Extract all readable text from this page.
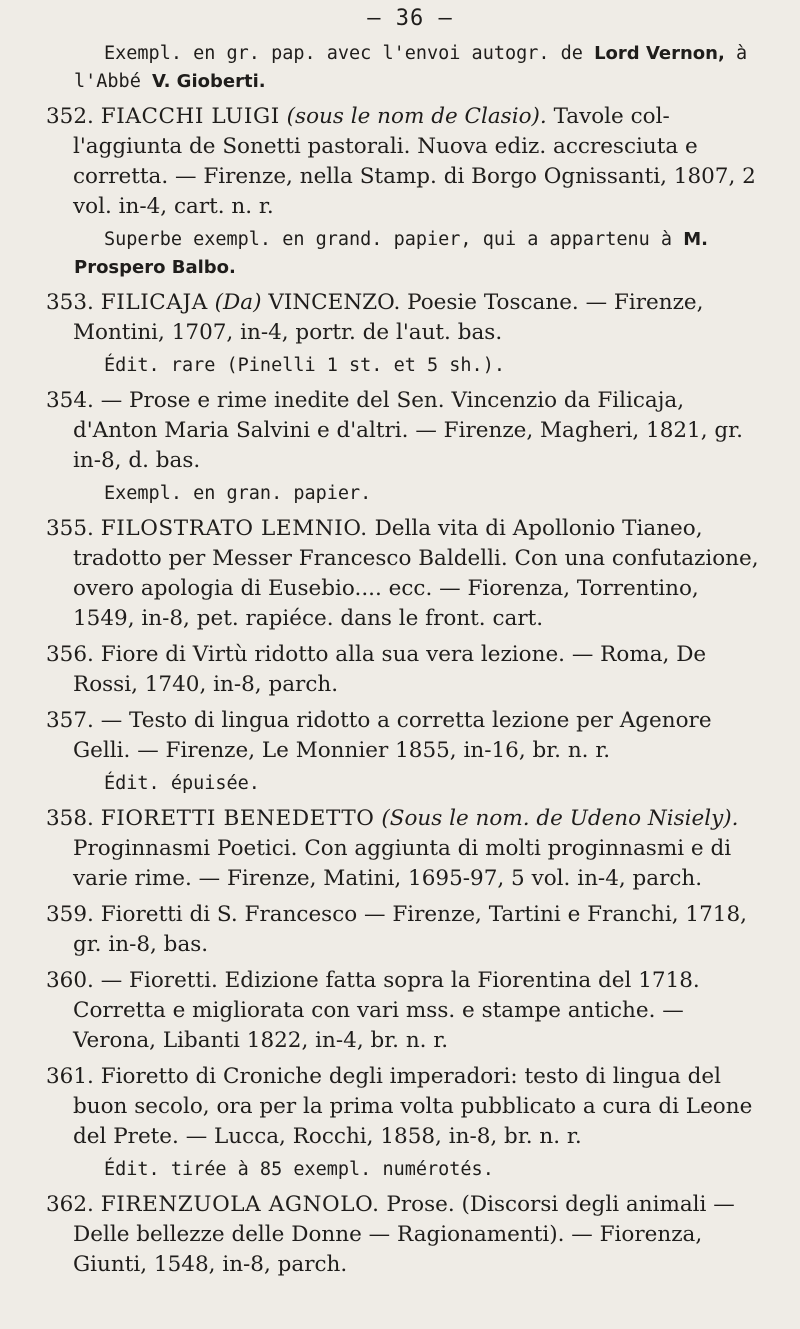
— 36 —
Exempl. en gr. pap. avec l'envoi autogr. de Lord Vernon, à l'Abbé V. Gioberti.
352. FIACCHI LUIGI (sous le nom de Clasio). Tavole col-l'aggiunta de Sonetti pastorali. Nuova ediz. accresciuta e corretta. — Firenze, nella Stamp. di Borgo Ognissanti, 1807, 2 vol. in-4, cart. n. r.
Superbe exempl. en grand. papier, qui a appartenu à M. Prospero Balbo.
353. FILICAJA (Da) VINCENZO. Poesie Toscane. — Firenze, Montini, 1707, in-4, portr. de l'aut. bas.
Édit. rare (Pinelli 1 st. et 5 sh.).
354. — Prose e rime inedite del Sen. Vincenzio da Filicaja, d'Anton Maria Salvini e d'altri. — Firenze, Magheri, 1821, gr. in-8, d. bas.
Exempl. en gran. papier.
355. FILOSTRATO LEMNIO. Della vita di Apollonio Tianeo, tradotto per Messer Francesco Baldelli. Con una confutazione, overo apologia di Eusebio.... ecc. — Fiorenza, Torrentino, 1549, in-8, pet. rapiéce. dans le front. cart.
356. Fiore di Virtù ridotto alla sua vera lezione. — Roma, De Rossi, 1740, in-8, parch.
357. — Testo di lingua ridotto a corretta lezione per Agenore Gelli. — Firenze, Le Monnier 1855, in-16, br. n. r.
Édit. épuisée.
358. FIORETTI BENEDETTO (Sous le nom. de Udeno Nisiely). Proginnasmi Poetici. Con aggiunta di molti proginnasmi e di varie rime. — Firenze, Matini, 1695-97, 5 vol. in-4, parch.
359. Fioretti di S. Francesco — Firenze, Tartini e Franchi, 1718, gr. in-8, bas.
360. — Fioretti. Edizione fatta sopra la Fiorentina del 1718. Corretta e migliorata con vari mss. e stampe antiche. — Verona, Libanti 1822, in-4, br. n. r.
361. Fioretto di Croniche degli imperadori: testo di lingua del buon secolo, ora per la prima volta pubblicato a cura di Leone del Prete. — Lucca, Rocchi, 1858, in-8, br. n. r.
Édit. tirée à 85 exempl. numérotés.
362. FIRENZUOLA AGNOLO. Prose. (Discorsi degli animali — Delle bellezze delle Donne — Ragionamenti). — Fiorenza, Giunti, 1548, in-8, parch.
